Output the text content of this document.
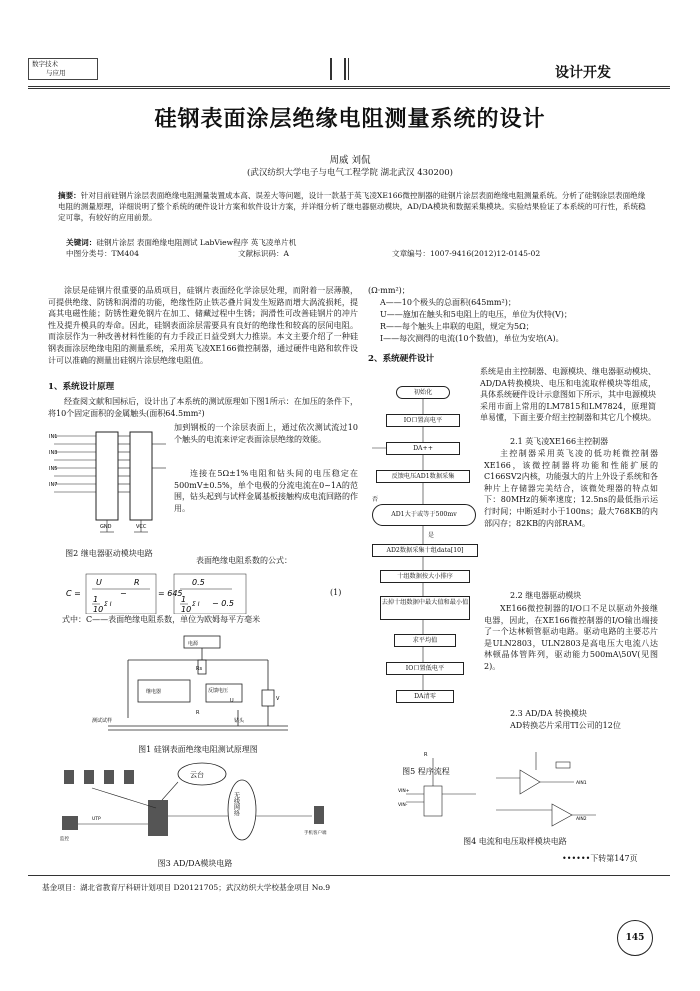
数字技术
与应用	设计开发
硅钢表面涂层绝缘电阻测量系统的设计
周威 刘侃
(武汉纺织大学电子与电气工程学院 湖北武汉 430200)
摘要：针对目前硅钢片涂层表面绝缘电阻测量装置成本高、误差大等问题，设计一款基于英飞凌XE166微控制器的硅钢片涂层表面绝缘电阻测量系统。分析了硅钢涂层表面绝缘电阻的测量原理，详细说明了整个系统的硬件设计方案和软件设计方案，并详细分析了继电器驱动模块，AD/DA模块和数据采集模块。实验结果验证了本系统的可行性，系统稳定可靠，有较好的应用前景。
关键词：硅钢片涂层 表面绝缘电阻测试 LabView程序 英飞凌单片机
中图分类号：TM404	文献标识码：A	文章编号：1007-9416(2012)12-0145-02
涂层是硅钢片很重要的品质项目，硅钢片表面经化学涂层处理，而附着一层薄膜，可提供绝缘、防锈和润滑的功能，绝缘性防止铁芯叠片间发生短路而增大涡流损耗，提高其电磁性能；防锈性避免钢片在加工、储藏过程中生锈；润滑性可改善硅钢片的冲片性及提升模具的寿命。因此，硅钢表面涂层需要具有良好的绝缘性和较高的层间电阻。而涂层作为一种改善材料性能的有力手段正日益受到大力推崇。本文主要介绍了一种硅钢表面涂层绝缘电阻的测量系统，采用英飞凌XE166微控制器，通过硬件电路和软件设计可以准确的测量出硅钢片涂层绝缘电阻值。
1、系统设计原理
经查阅文献和国标后，设计出了本系统的测试原理如下图1所示：在加压的条件下，将10个固定面积的金属触头(面积64.5mm²)
IN1
IN3
IN5
IN7
GND	VCC
图2 继电器驱动模块电路
加到钢板的一个涂层表面上，通过依次测试流过10个触头的电流来评定表面涂层绝缘的效能。
连接在5Ω±1%电阻和钻头间的电压稳定在500mV±0.5%，单个电极的分流电流在0~1A的范围，钻头起到与试样金属基板接触构成电流回路的作用。
表面绝缘电阻系数的公式：
C =
U	R
1
10
Σ I
−	= 645
0.5
1
10
Σ I − 0.5
(1)
式中：C——表面绝缘电阻系数，单位为欧姆每平方毫米
电源
Rs
继电器	反馈电压
V
U
R
测试试样	钻头
图1 硅钢表面绝缘电阻测试原理图
云台
无线网络
监控
UTP
手机客户端
图3 AD/DA模块电路
(Ω·mm²)；
A——10个极头的总面积(645mm²)；
U——施加在触头和5电阻上的电压，单位为伏特(V)；
R——每个触头上串联的电阻，规定为5Ω；
I——每次测得的电流(10个数值)，单位为安培(A)。
2、系统硬件设计
系统是由主控制器、电源模块、继电器驱动模块、AD/DA转换模块、电压和电流取样模块等组成，具体系统硬件设计示意图如下所示，其中电源模块采用市面上常用的LM7815和LM7824，原理简单易懂，下面主要介绍主控制器和其它几个模块。
初始化
IO口置高电平
DA++
反馈电压AD1数据采集
AD1大于或等于500mv
否
是
AD2数据采集十组data[10]
十组数据按大小排序
去掉十组数据中最大值和最小值
求平均值
IO口置低电平
DA清零
图5 程序流程
2.1 英飞凌XE166主控制器
主控制器采用英飞凌的低功耗微控制器XE166，该微控制器将功能和性能扩展的C166SV2内核，功能强大的片上外设子系统和各种片上存储器完美结合，该微处理器的特点如下：80MHz的频率速度；12.5ns的最低指示运行时间；中断延时小于100ns；最大768KB的内部闪存；82KB的内部RAM。
2.2 继电器驱动模块
XE166微控制器的I/O口不足以驱动外接继电器，因此，在XE166微控制器的I/O输出端接了一个达林顿管驱动电路。驱动电路的主要芯片是ULN2803，ULN2803是高电压大电流八达林顿晶体管阵列，驱动能力500mA\50V(见图2)。
2.3 AD/DA 转换模块
AD转换芯片采用TI公司的12位
R
VIN+
VIN-
AIN1
AIN2
图4 电流和电压取样模块电路
••••••下转第147页
基金项目：湖北省教育厅科研计划项目 D20121705；武汉纺织大学校基金项目 No.9
145
